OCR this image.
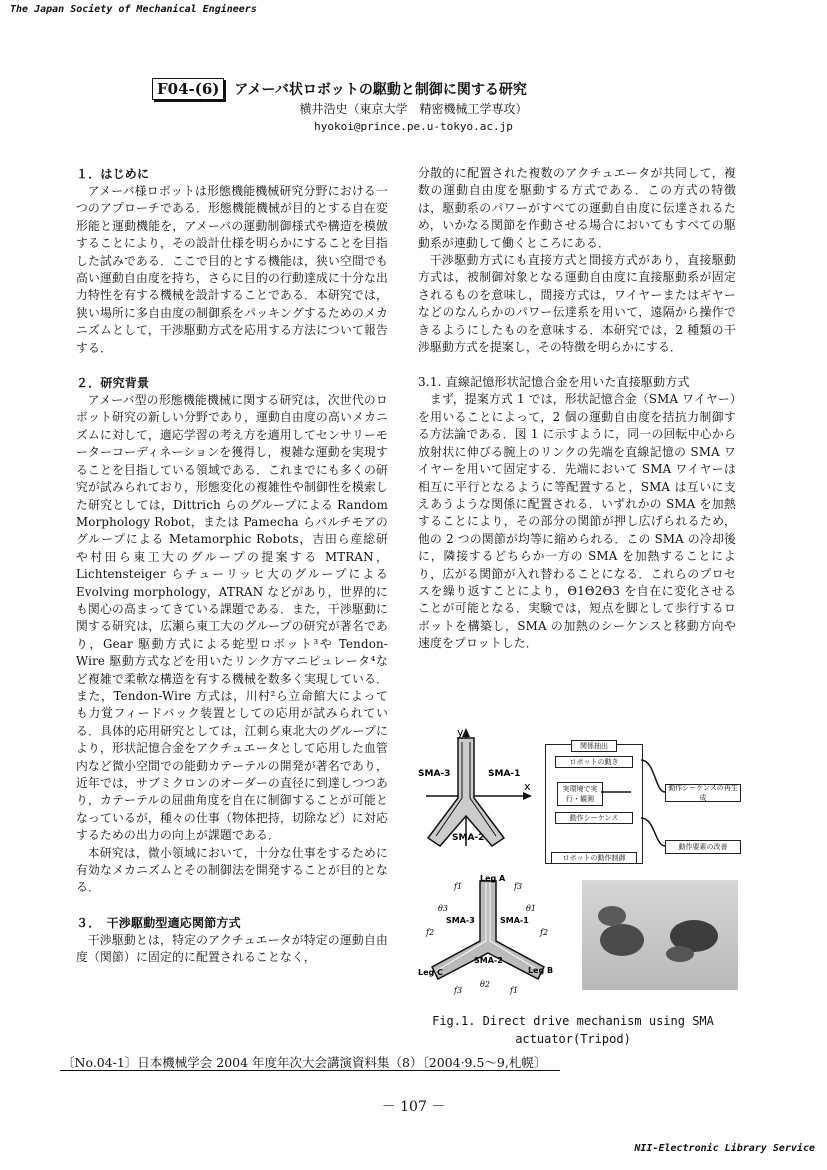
The Japan Society of Mechanical Engineers
F04-(6)	アメーバ状ロボットの駆動と制御に関する研究
横井浩史（東京大学　精密機械工学専攻）
hyokoi@prince.pe.u-tokyo.ac.jp
１．はじめに

アメーバ様ロボットは形態機能機械研究分野における一つのアプローチである．形態機能機械が目的とする自在変形能と運動機能を，アメーバの運動制御様式や構造を模倣することにより，その設計仕様を明らかにすることを目指した試みである．ここで目的とする機能は，狭い空間でも高い運動自由度を持ち，さらに目的の行動達成に十分な出力特性を有する機械を設計することである．本研究では，狭い場所に多自由度の制御系をパッキングするためのメカニズムとして，干渉駆動方式を応用する方法について報告する．

２．研究背景

アメーバ型の形態機能機械に関する研究は，次世代のロボット研究の新しい分野であり，運動自由度の高いメカニズムに対して，適応学習の考え方を適用してセンサリーモーターコーディネーションを獲得し，複雑な運動を実現することを目指している領域である．これまでにも多くの研究が試みられており，形態変化の複雑性や制御性を模索した研究としては，Dittrich らのグループによる Random Morphology Robot，または Pamecha らバルチモアのグループによる Metamorphic Robots，吉田ら産総研や村田ら東工大のグループの提案する MTRAN，Lichtensteiger らチューリッヒ大のグループによる Evolving morphology，ATRAN などがあり，世界的にも関心の高まってきている課題である．また，干渉駆動に関する研究は，広瀬ら東工大のグループの研究が著名であり，Gear 駆動方式による蛇型ロボット³や Tendon-Wire 駆動方式などを用いたリンク方マニピュレータ⁴など複雑で柔軟な構造を有する機械を数多く実現している．また，Tendon-Wire 方式は，川村²ら立命館大によっても力覚フィードバック装置としての応用が試みられている．具体的応用研究としては，江刺ら東北大のグループにより，形状記憶合金をアクチュエータとして応用した血管内など微小空間での能動カテーテルの開発が著名であり，近年では，サブミクロンのオーダーの直径に到達しつつあり，カテーテルの屈曲角度を自在に制御することが可能となっているが，種々の仕事（物体把持，切除など）に対応するための出力の向上が課題である．

本研究は，微小領域において，十分な仕事をするために有効なメカニズムとその制御法を開発することが目的となる．

３．　干渉駆動型適応関節方式

干渉駆動とは，特定のアクチュエータが特定の運動自由度（関節）に固定的に配置されることなく，

分散的に配置された複数のアクチュエータが共同して，複数の運動自由度を駆動する方式である．この方式の特徴は，駆動系のパワーがすべての運動自由度に伝達されるため，いかなる関節を作動させる場合においてもすべての駆動系が連動して働くところにある．

干渉駆動方式にも直接方式と間接方式があり，直接駆動方式は，被制御対象となる運動自由度に直接駆動系が固定されるものを意味し，間接方式は，ワイヤーまたはギヤーなどのなんらかのパワー伝達系を用いて，遠隔から操作できるようにしたものを意味する．本研究では，2 種類の干渉駆動方式を提案し，その特徴を明らかにする．

3.1. 直線記憶形状記憶合金を用いた直接駆動方式

まず，提案方式 1 では，形状記憶合金（SMA ワイヤー）を用いることによって，2 個の運動自由度を拮抗力制御する方法論である．図 1 に示すように，同一の回転中心から放射状に伸びる腕上のリンクの先端を直線記憶の SMA ワイヤーを用いて固定する．先端において SMA ワイヤーは相互に平行となるように等配置すると，SMA は互いに支えあうような関係に配置される．いずれかの SMA を加熱することにより，その部分の関節が押し広げられるため，他の 2 つの関節が均等に縮められる．この SMA の冷却後に，隣接するどちらか一方の SMA を加熱することにより，広がる関節が入れ替わることになる．これらのプロセスを繰り返すことにより，Θ1Θ2Θ3 を自在に変化させることが可能となる．実験では，短点を脚として歩行するロボットを構築し，SMA の加熱のシーケンスと移動方向や速度をプロットした．

y
x
SMA-3	SMA-1
SMA-2
関係抽出
ロボットの動き
実環境で実行・観測
動作シーケンス
ロボットの動作制御
動作シーケンスの再生成
動作要素の改善
Leg A
Leg B
Leg C
SMA-3	SMA-1
SMA-2
f1	f3
f2	f2
f3	f1
θ3	θ1
θ2
Fig.1. Direct drive mechanism using SMA
actuator(Tripod)
〔No.04-1〕日本機械学会 2004 年度年次大会講演資料集（8）〔2004·9.5～9,札幌〕
－ 107 －
NII-Electronic Library Service
